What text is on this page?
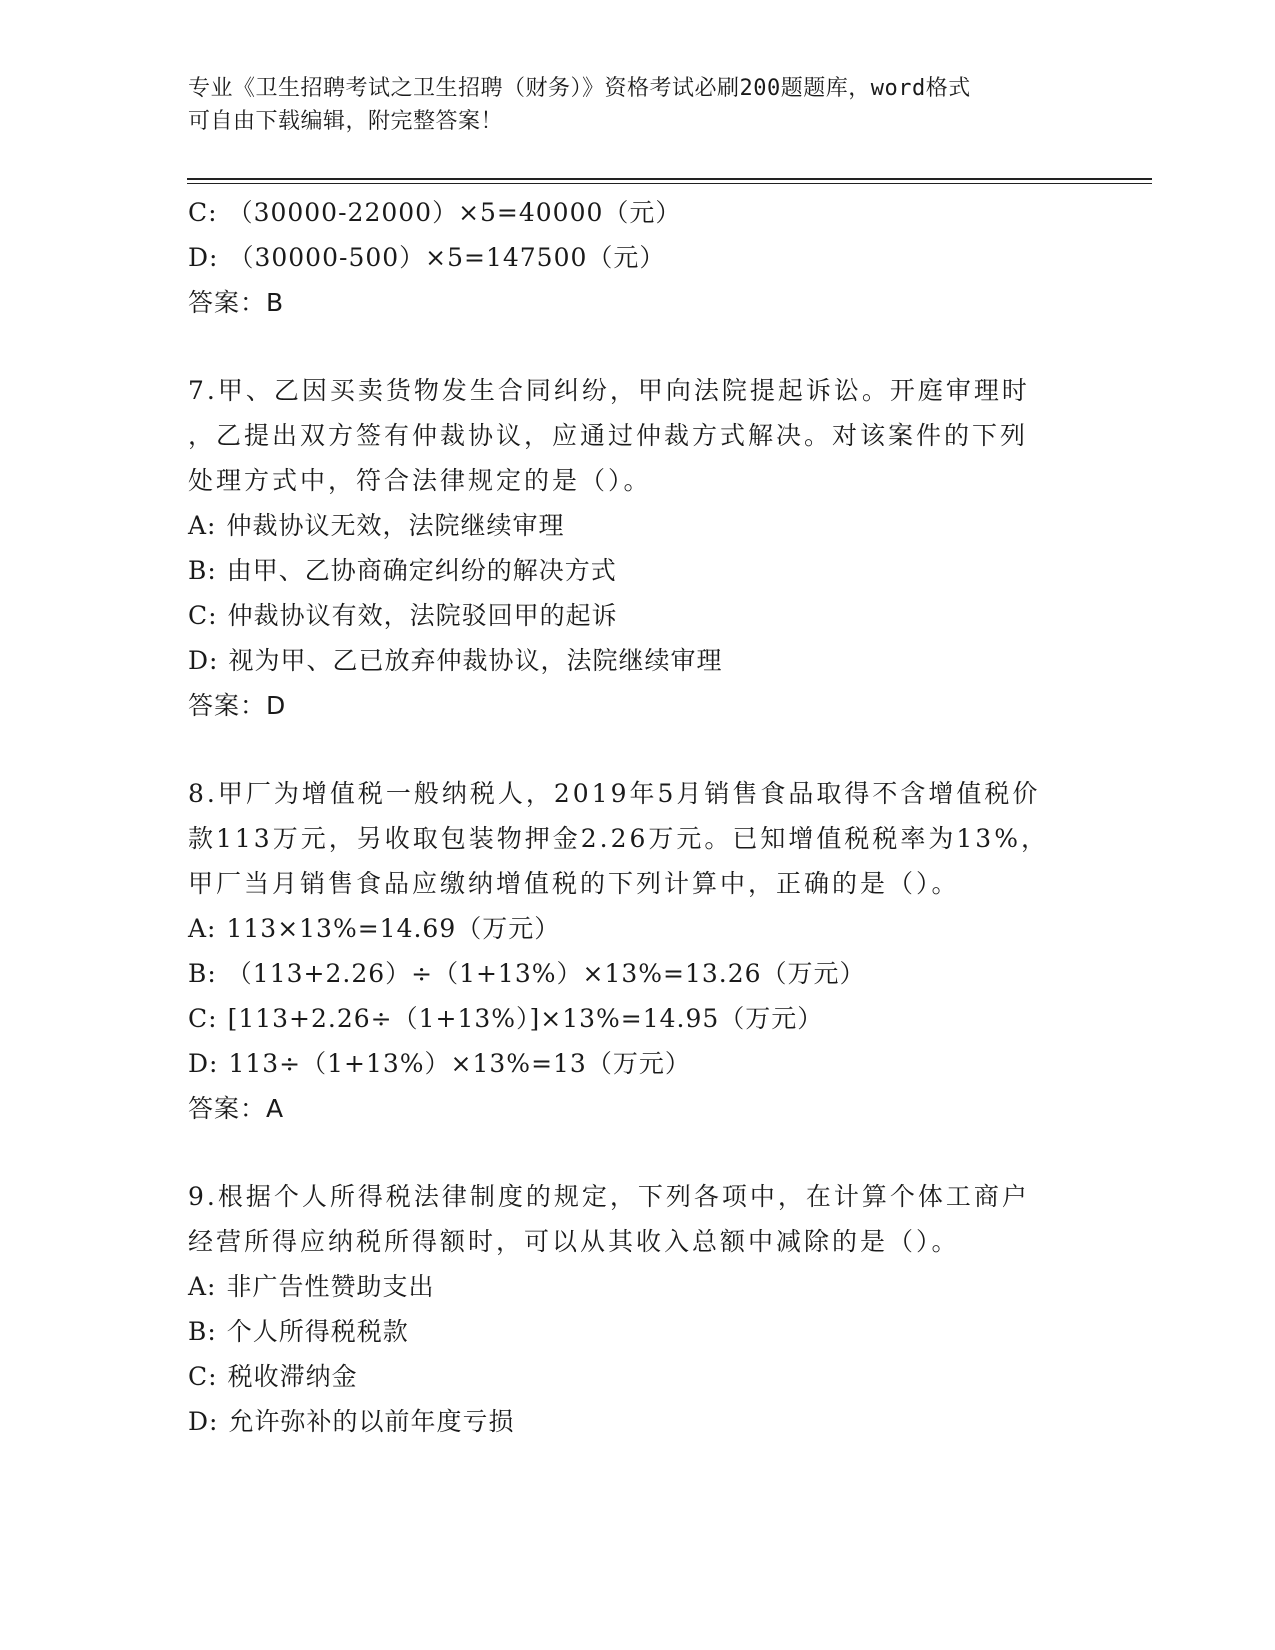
专业《卫生招聘考试之卫生招聘（财务）》资格考试必刷200题题库，word格式
可自由下载编辑，附完整答案！
C: （30000-22000）×5=40000（元）
D: （30000-500）×5=147500（元）
答案：B
7.甲、乙因买卖货物发生合同纠纷，甲向法院提起诉讼。开庭审理时
，乙提出双方签有仲裁协议，应通过仲裁方式解决。对该案件的下列
处理方式中，符合法律规定的是（）。
A: 仲裁协议无效，法院继续审理
B: 由甲、乙协商确定纠纷的解决方式
C: 仲裁协议有效，法院驳回甲的起诉
D: 视为甲、乙已放弃仲裁协议，法院继续审理
答案：D
8.甲厂为增值税一般纳税人，2019年5月销售食品取得不含增值税价
款113万元，另收取包装物押金2.26万元。已知增值税税率为13%，
甲厂当月销售食品应缴纳增值税的下列计算中，正确的是（）。
A: 113×13%=14.69（万元）
B: （113+2.26）÷（1+13%）×13%=13.26（万元）
C: [113+2.26÷（1+13%）]×13%=14.95（万元）
D: 113÷（1+13%）×13%=13（万元）
答案：A
9.根据个人所得税法律制度的规定，下列各项中，在计算个体工商户
经营所得应纳税所得额时，可以从其收入总额中减除的是（）。
A: 非广告性赞助支出
B: 个人所得税税款
C: 税收滞纳金
D: 允许弥补的以前年度亏损
